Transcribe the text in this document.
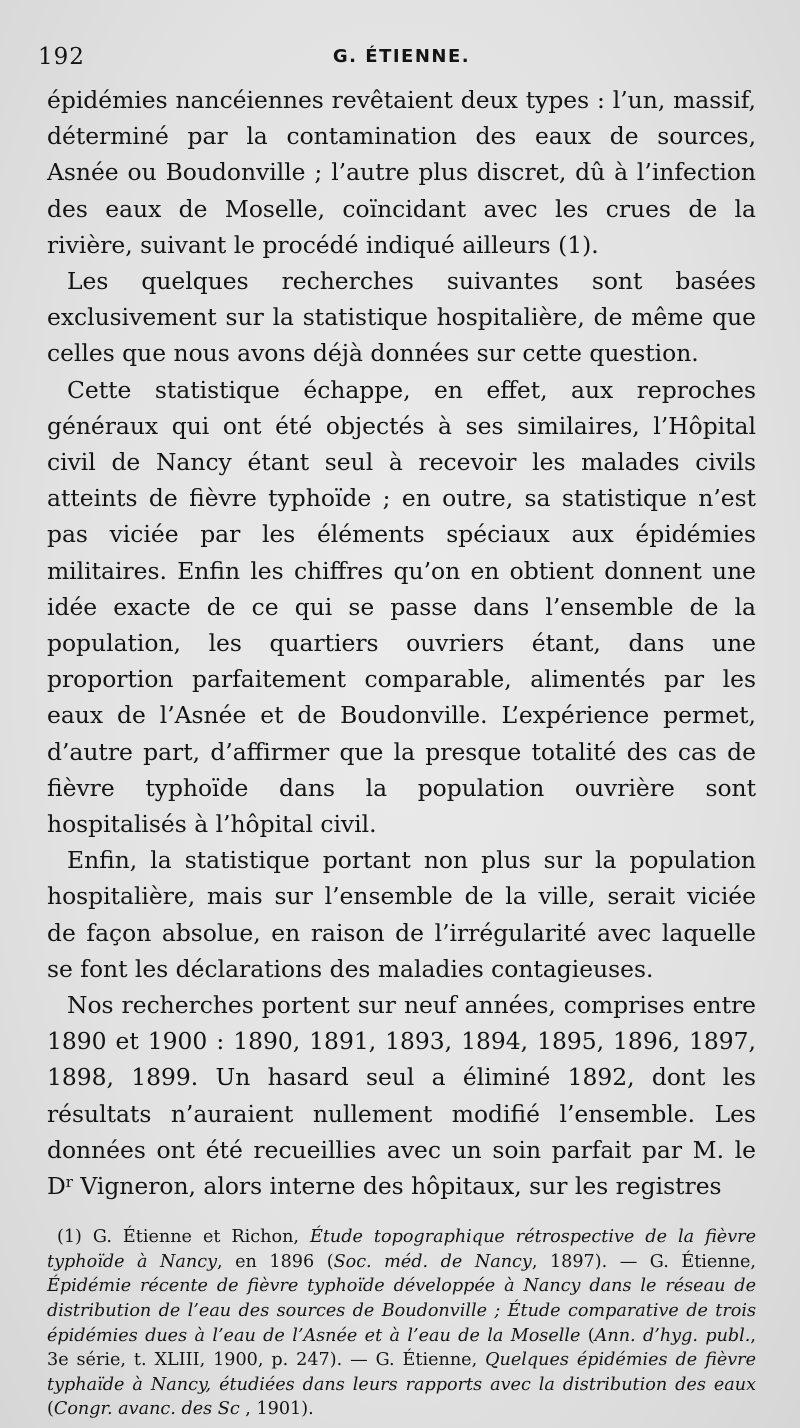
192	G. ÉTIENNE.

épidémies nancéiennes revêtaient deux types : l’un, massif, déterminé par la contamination des eaux de sources, Asnée ou Boudonville ; l’autre plus discret, dû à l’infection des eaux de Moselle, coïncidant avec les crues de la rivière, suivant le procédé indiqué ailleurs (1).

Les quelques recherches suivantes sont basées exclusivement sur la statistique hospitalière, de même que celles que nous avons déjà données sur cette question.

Cette statistique échappe, en effet, aux reproches généraux qui ont été objectés à ses similaires, l’Hôpital civil de Nancy étant seul à recevoir les malades civils atteints de fièvre typhoïde ; en outre, sa statistique n’est pas viciée par les éléments spéciaux aux épidémies militaires. Enfin les chiffres qu’on en obtient donnent une idée exacte de ce qui se passe dans l’ensemble de la population, les quartiers ouvriers étant, dans une proportion parfaitement comparable, alimentés par les eaux de l’Asnée et de Boudonville. L’expérience permet, d’autre part, d’affirmer que la presque totalité des cas de fièvre typhoïde dans la population ouvrière sont hospitalisés à l’hôpital civil.

Enfin, la statistique portant non plus sur la population hospitalière, mais sur l’ensemble de la ville, serait viciée de façon absolue, en raison de l’irrégularité avec laquelle se font les déclarations des maladies contagieuses.

Nos recherches portent sur neuf années, comprises entre 1890 et 1900 : 1890, 1891, 1893, 1894, 1895, 1896, 1897, 1898, 1899. Un hasard seul a éliminé 1892, dont les résultats n’auraient nullement modifié l’ensemble. Les données ont été recueillies avec un soin parfait par M. le $D^r$ Vigneron, alors interne des hôpitaux, sur les registres

(1) G. Étienne et Richon, Étude topographique rétrospective de la fièvre typhoïde à Nancy, en 1896 (Soc. méd. de Nancy, 1897). — G. Étienne, Épidémie récente de fièvre typhoïde développée à Nancy dans le réseau de distribution de l’eau des sources de Boudonville ; Étude comparative de trois épidémies dues à l’eau de l’Asnée et à l’eau de la Moselle (Ann. d’hyg. publ., 3e série, t. XLIII, 1900, p. 247). — G. Étienne, Quelques épidémies de fièvre typhaïde à Nancy, étudiées dans leurs rapports avec la distribution des eaux (Congr. avanc. des Sc , 1901).
